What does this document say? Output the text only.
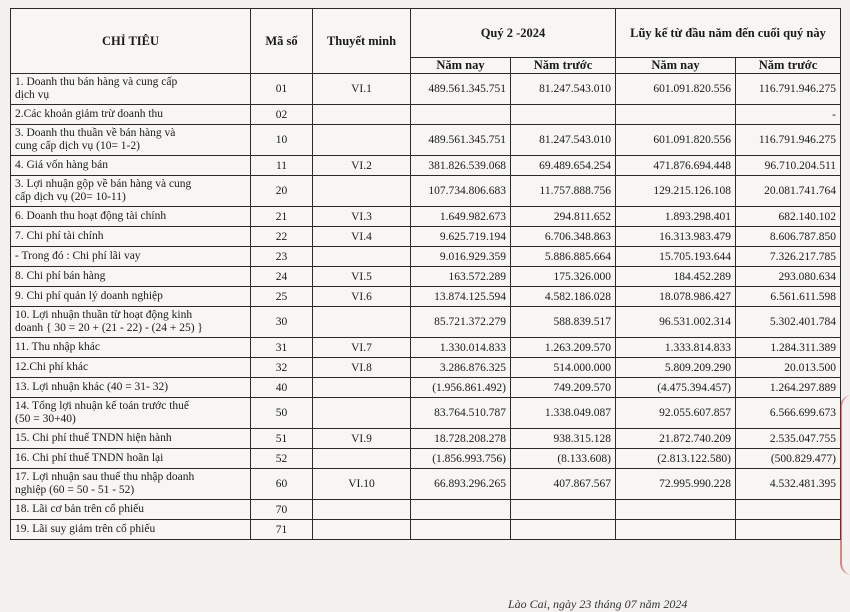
CHỈ TIÊU	Mã số	Thuyết minh	Quý 2 -2024		Lũy kế từ đầu năm đến cuối quý này	
			Năm nay	Năm trước	Năm nay	Năm trước

1. Doanh thu bán hàng và cung cấp
dịch vụ	01	VI.1	489.561.345.751	81.247.543.010	601.091.820.556	116.791.946.275

2.Các khoản giảm trừ doanh thu	02					-

3. Doanh thu thuần về bán hàng và
cung cấp dịch vụ (10= 1-2)	10		489.561.345.751	81.247.543.010	601.091.820.556	116.791.946.275

4. Giá vốn hàng bán	11	VI.2	381.826.539.068	69.489.654.254	471.876.694.448	96.710.204.511

3. Lợi nhuận gộp về bán hàng và cung
cấp dịch vụ (20= 10-11)	20		107.734.806.683	11.757.888.756	129.215.126.108	20.081.741.764

6. Doanh thu hoạt động tài chính	21	VI.3	1.649.982.673	294.811.652	1.893.298.401	682.140.102

7. Chi phí tài chính	22	VI.4	9.625.719.194	6.706.348.863	16.313.983.479	8.606.787.850

- Trong đó : Chi phí lãi vay	23		9.016.929.359	5.886.885.664	15.705.193.644	7.326.217.785

8. Chi phí bán hàng	24	VI.5	163.572.289	175.326.000	184.452.289	293.080.634

9. Chi phí quản lý doanh nghiệp	25	VI.6	13.874.125.594	4.582.186.028	18.078.986.427	6.561.611.598

10. Lợi nhuận thuần từ hoạt động kinh
doanh { 30 = 20 + (21 - 22) - (24 + 25) }	30		85.721.372.279	588.839.517	96.531.002.314	5.302.401.784

11. Thu nhập khác	31	VI.7	1.330.014.833	1.263.209.570	1.333.814.833	1.284.311.389

12.Chi phí khác	32	VI.8	3.286.876.325	514.000.000	5.809.209.290	20.013.500

13. Lợi nhuận khác (40 = 31- 32)	40		(1.956.861.492)	749.209.570	(4.475.394.457)	1.264.297.889

14. Tổng lợi nhuận kế toán trước thuế
(50 = 30+40)	50		83.764.510.787	1.338.049.087	92.055.607.857	6.566.699.673

15. Chi phí thuế TNDN hiện hành	51	VI.9	18.728.208.278	938.315.128	21.872.740.209	2.535.047.755

16. Chi phí thuế TNDN hoãn lại	52		(1.856.993.756)	(8.133.608)	(2.813.122.580)	(500.829.477)

17. Lợi nhuận sau thuế thu nhập doanh
nghiệp (60 = 50 - 51 - 52)	60	VI.10	66.893.296.265	407.867.567	72.995.990.228	4.532.481.395

18. Lãi cơ bản trên cổ phiếu	70					

19. Lãi suy giảm trên cổ phiếu	71					
Lào Cai, ngày 23 tháng 07 năm 2024
